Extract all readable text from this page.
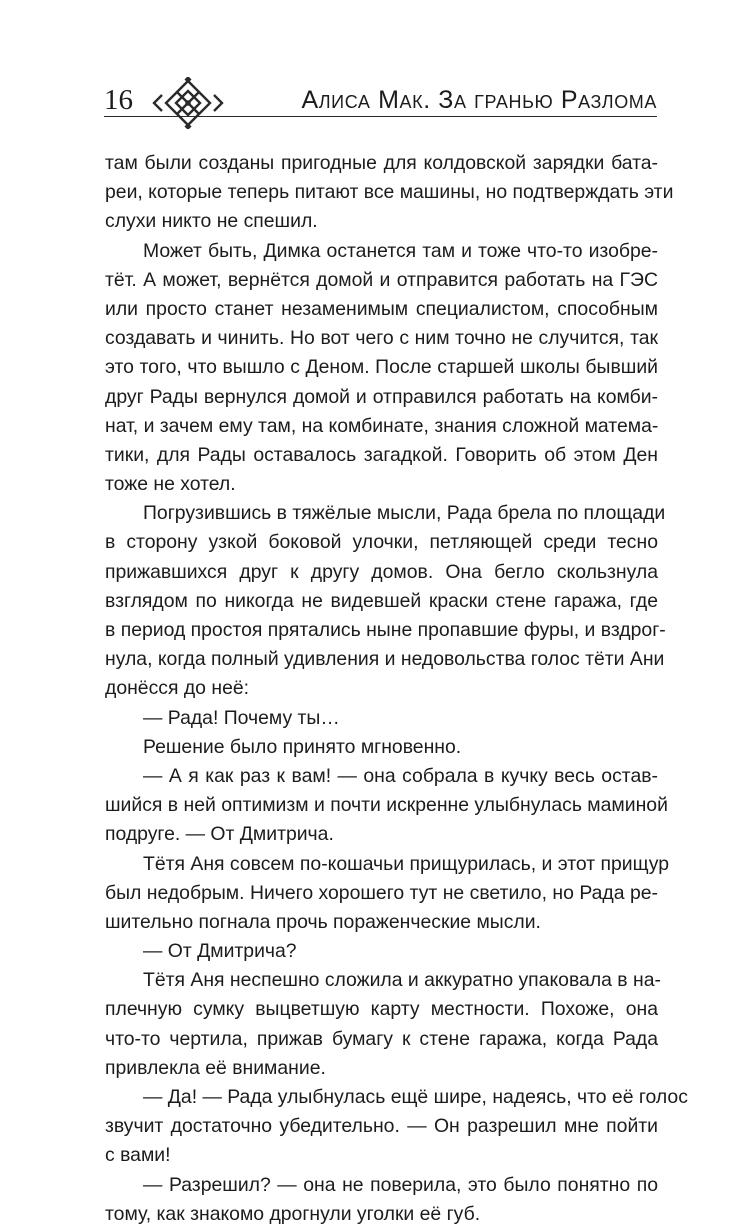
16	Алиса Мак. За гранью Разлома
там были созданы пригодные для колдовской зарядки бата-
реи, которые теперь питают все машины, но подтверждать эти
слухи никто не спешил.
Может быть, Димка останется там и тоже что-то изобре-
тёт. А может, вернётся домой и отправится работать на ГЭС
или просто станет незаменимым специалистом, способным
создавать и чинить. Но вот чего с ним точно не случится, так
это того, что вышло с Деном. После старшей школы бывший
друг Рады вернулся домой и отправился работать на комби-
нат, и зачем ему там, на комбинате, знания сложной матема-
тики, для Рады оставалось загадкой. Говорить об этом Ден
тоже не хотел.
Погрузившись в тяжёлые мысли, Рада брела по площади
в сторону узкой боковой улочки, петляющей среди тесно
прижавшихся друг к другу домов. Она бегло скользнула
взглядом по никогда не видевшей краски стене гаража, где
в период простоя прятались ныне пропавшие фуры, и вздрог-
нула, когда полный удивления и недовольства голос тёти Ани
донёсся до неё:
— Рада! Почему ты…
Решение было принято мгновенно.
— А я как раз к вам! — она собрала в кучку весь остав-
шийся в ней оптимизм и почти искренне улыбнулась маминой
подруге. — От Дмитрича.
Тётя Аня совсем по-кошачьи прищурилась, и этот прищур
был недобрым. Ничего хорошего тут не светило, но Рада ре-
шительно погнала прочь пораженческие мысли.
— От Дмитрича?
Тётя Аня неспешно сложила и аккуратно упаковала в на-
плечную сумку выцветшую карту местности. Похоже, она
что-то чертила, прижав бумагу к стене гаража, когда Рада
привлекла её внимание.
— Да! — Рада улыбнулась ещё шире, надеясь, что её голос
звучит достаточно убедительно. — Он разрешил мне пойти
с вами!
— Разрешил? — она не поверила, это было понятно по
тому, как знакомо дрогнули уголки её губ.
